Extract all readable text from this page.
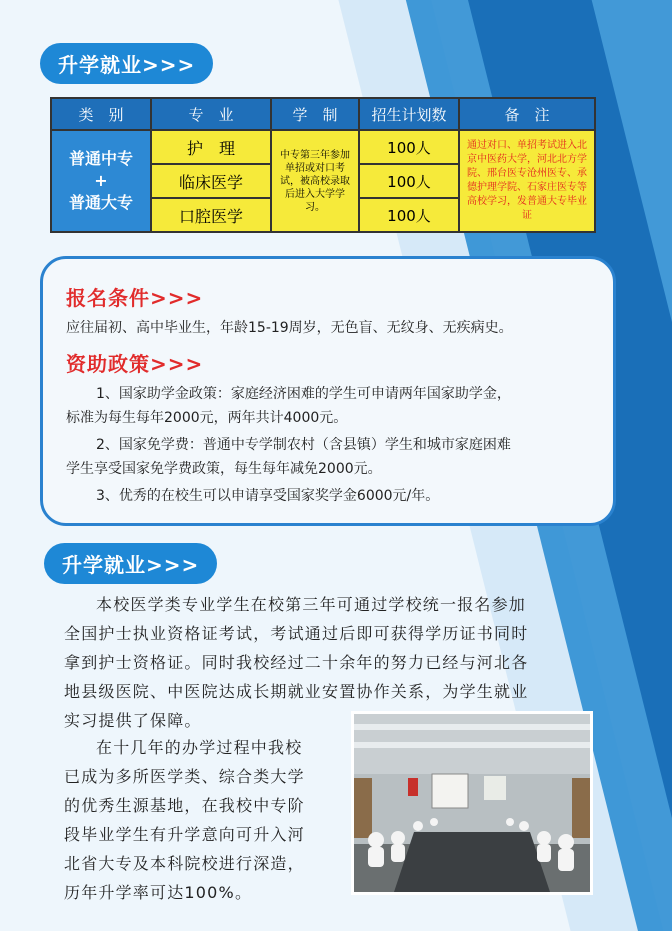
升学就业>>>
类　别	专　业	学　制	招生计划数	备　注

普通中专
+
普通大专	护　理	中专第三年参加单招或对口考试，被高校录取后进入大学学习。	100人	通过对口、单招考试进入北京中医药大学，河北北方学院、邢台医专沧州医专、承德护理学院、石家庄医专等高校学习，发普通大专毕业证
	临床医学		100人	
	口腔医学		100人	
报名条件>>>
应往届初、高中毕业生，年龄15-19周岁，无色盲、无纹身、无疾病史。
资助政策>>>
1、国家助学金政策：家庭经济困难的学生可申请两年国家助学金，
标准为每生每年2000元，两年共计4000元。
2、国家免学费：普通中专学制农村（含县镇）学生和城市家庭困难
学生享受国家免学费政策，每生每年减免2000元。
3、优秀的在校生可以申请享受国家奖学金6000元/年。
升学就业>>>
本校医学类专业学生在校第三年可通过学校统一报名参加
全国护士执业资格证考试，考试通过后即可获得学历证书同时
拿到护士资格证。同时我校经过二十余年的努力已经与河北各
地县级医院、中医院达成长期就业安置协作关系，为学生就业
实习提供了保障。
在十几年的办学过程中我校
已成为多所医学类、综合类大学
的优秀生源基地，在我校中专阶
段毕业学生有升学意向可升入河
北省大专及本科院校进行深造，
历年升学率可达100%。
